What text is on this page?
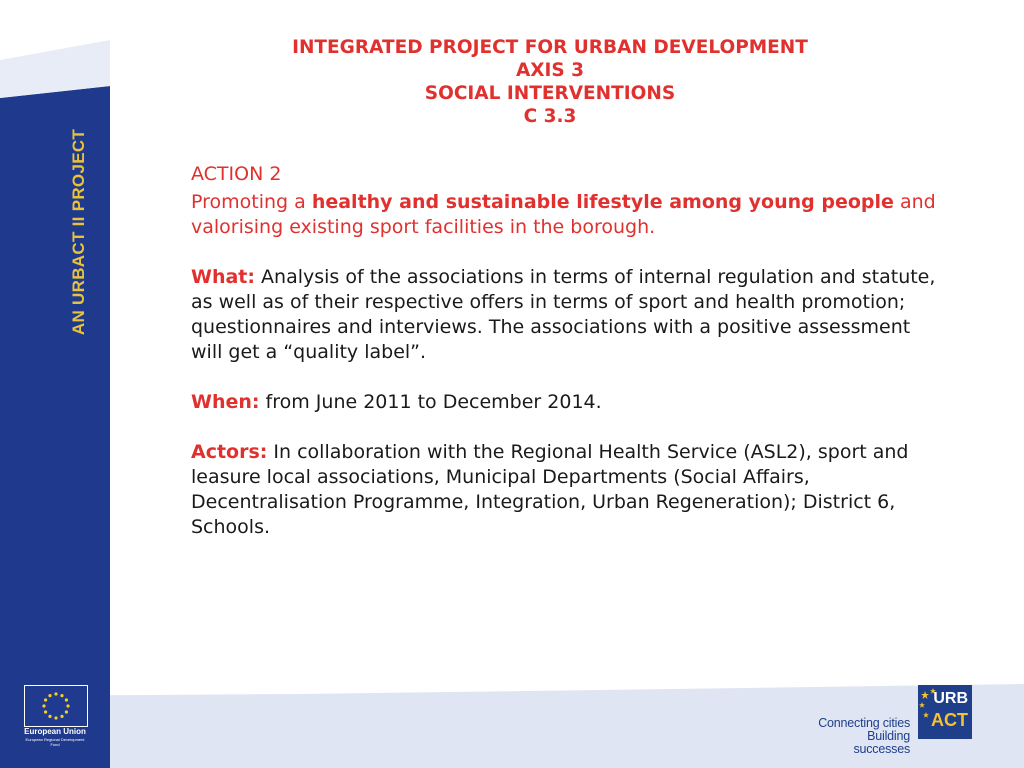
AN URBACT II PROJECT
European Union
European Regional Development Fund
INTEGRATED PROJECT FOR URBAN DEVELOPMENT
AXIS 3
SOCIAL INTERVENTIONS
C 3.3
ACTION 2

Promoting a healthy and sustainable lifestyle among young people and valorising existing sport facilities in the borough.

What: Analysis of the associations in terms of internal regulation and statute, as well as of their respective offers in terms of sport and health promotion; questionnaires and interviews. The associations with a positive assessment will get a “quality label”.

When: from June 2011 to December 2014.

Actors: In collaboration with the Regional Health Service (ASL2), sport and leasure local associations, Municipal Departments (Social Affairs, Decentralisation Programme, Integration, Urban Regeneration); District 6, Schools.

Connecting cities
Building successes
URB
ACT
